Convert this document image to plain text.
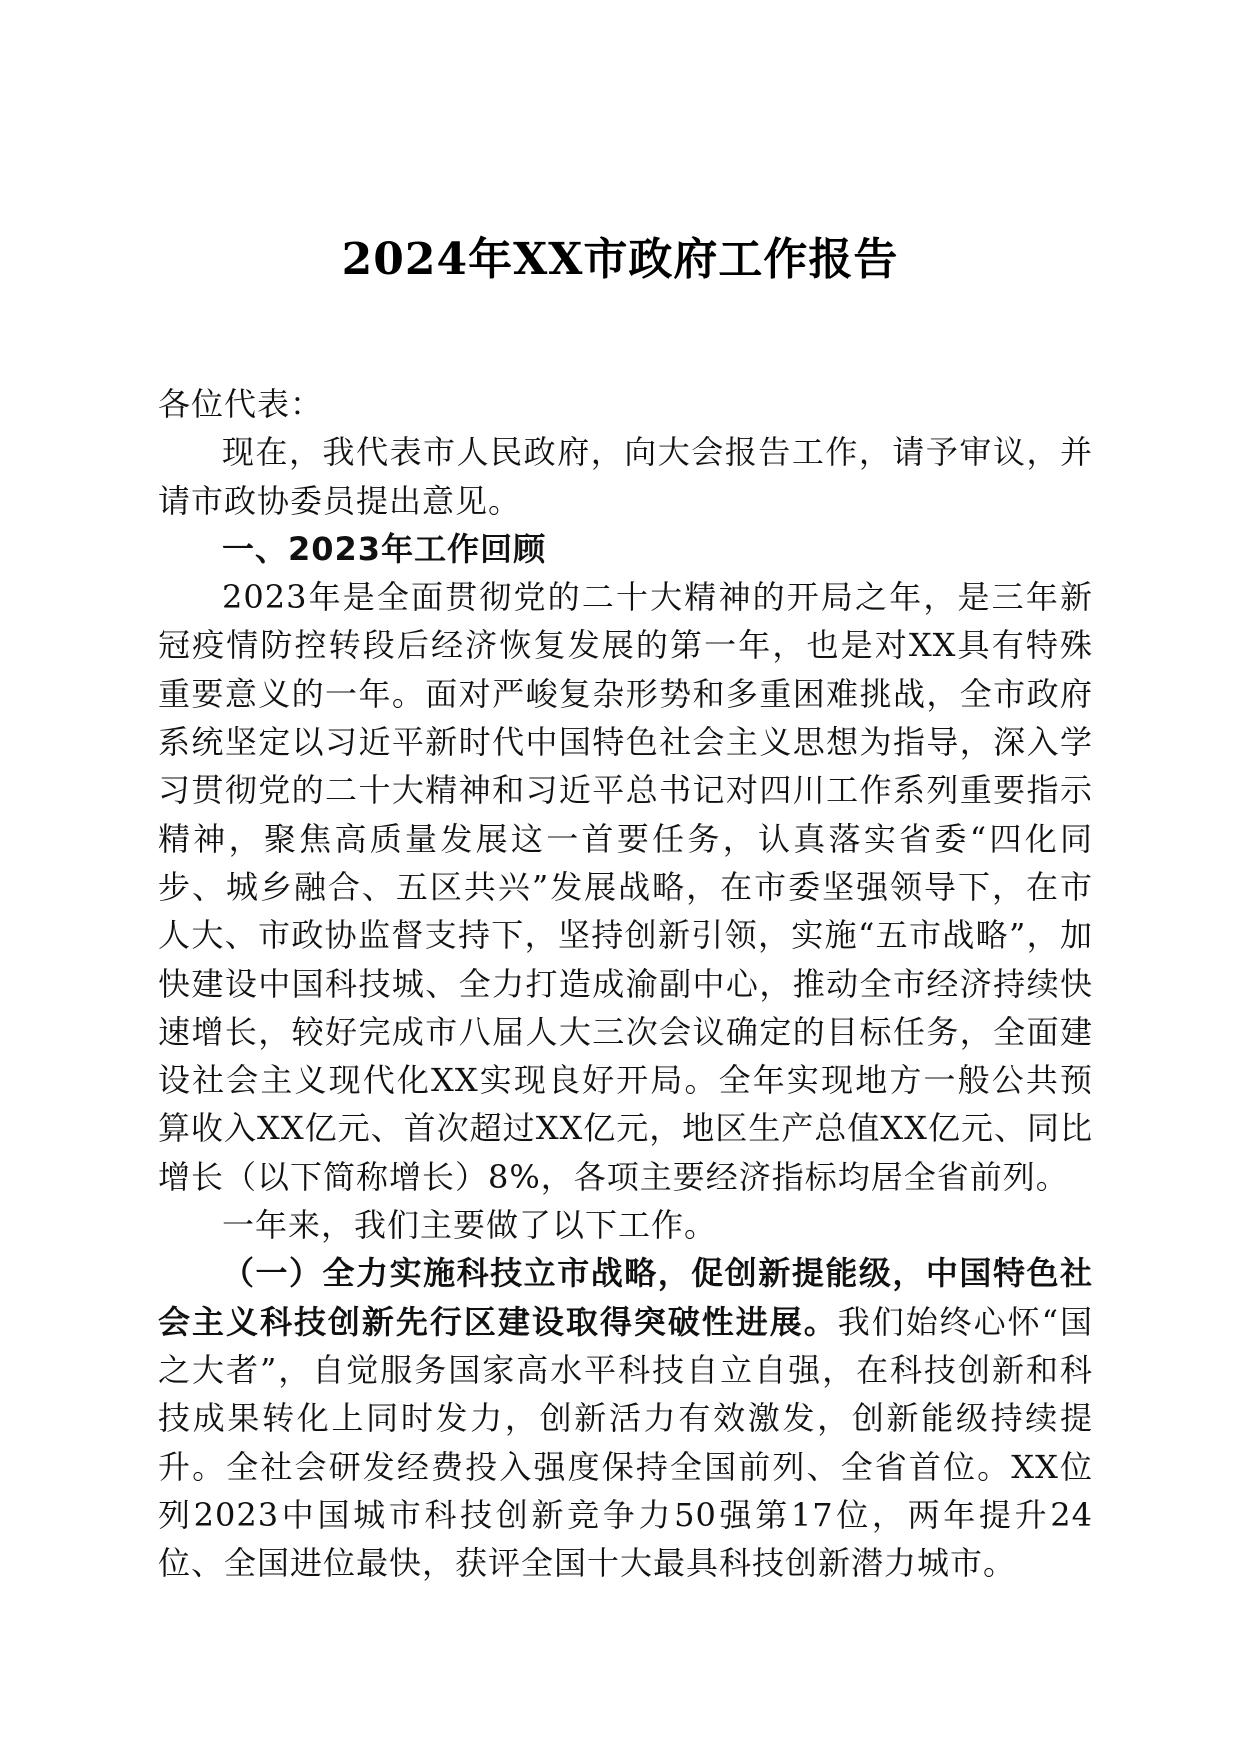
2024年XX市政府工作报告

各位代表：

现在，我代表市人民政府，向大会报告工作，请予审议，并请市政协委员提出意见。

一、2023年工作回顾

2023年是全面贯彻党的二十大精神的开局之年，是三年新冠疫情防控转段后经济恢复发展的第一年，也是对XX具有特殊重要意义的一年。面对严峻复杂形势和多重困难挑战，全市政府系统坚定以习近平新时代中国特色社会主义思想为指导，深入学习贯彻党的二十大精神和习近平总书记对四川工作系列重要指示精神，聚焦高质量发展这一首要任务，认真落实省委“四化同步、城乡融合、五区共兴”发展战略，在市委坚强领导下，在市人大、市政协监督支持下，坚持创新引领，实施“五市战略”，加快建设中国科技城、全力打造成渝副中心，推动全市经济持续快速增长，较好完成市八届人大三次会议确定的目标任务，全面建设社会主义现代化XX实现良好开局。全年实现地方一般公共预算收入XX亿元、首次超过XX亿元，地区生产总值XX亿元、同比增长（以下简称增长）8%，各项主要经济指标均居全省前列。

一年来，我们主要做了以下工作。

（一）全力实施科技立市战略，促创新提能级，中国特色社会主义科技创新先行区建设取得突破性进展。我们始终心怀“国之大者”，自觉服务国家高水平科技自立自强，在科技创新和科技成果转化上同时发力，创新活力有效激发，创新能级持续提升。全社会研发经费投入强度保持全国前列、全省首位。XX位列2023中国城市科技创新竞争力50强第17位，两年提升24位、全国进位最快，获评全国十大最具科技创新潜力城市。
